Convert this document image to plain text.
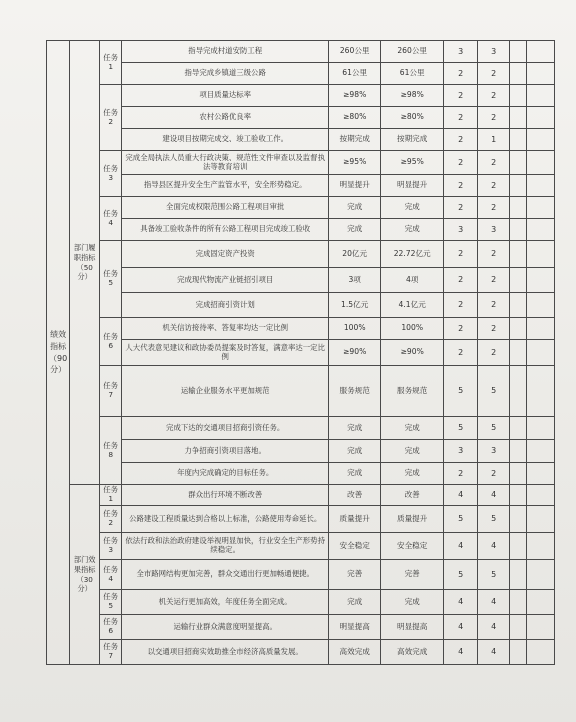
绩效指标（90分）	部门履职指标（50分）	任务1	指导完成村道安防工程	260公里	260公里	3	3		
			指导完成乡镇道三级公路	61公里	61公里	2	2		
		任务2	项目质量达标率	≥98%	≥98%	2	2		
			农村公路优良率	≥80%	≥80%	2	2		
			建设项目按期完成交、竣工验收工作。	按期完成	按期完成	2	1		
		任务3	完成全局执法人员重大行政决策、规范性文件审查以及监督执法等教育培训	≥95%	≥95%	2	2		
			指导县区提升安全生产监管水平，安全形势稳定。	明显提升	明显提升	2	2		
		任务4	全面完成权限范围公路工程项目审批	完成	完成	2	2		
			具备竣工验收条件的所有公路工程项目完成竣工验收	完成	完成	3	3		
		任务5	完成固定资产投资	20亿元	22.72亿元	2	2		
			完成现代物流产业链招引项目	3项	4项	2	2		
			完成招商引资计划	1.5亿元	4.1亿元	2	2		
		任务6	机关信访接待率、答复率均达一定比例	100%	100%	2	2		
			人大代表意见建议和政协委员提案及时答复，满意率达一定比例	≥90%	≥90%	2	2		
		任务7	运输企业服务水平更加规范	服务规范	服务规范	5	5		
		任务8	完成下达的交通项目招商引资任务。	完成	完成	5	5		
			力争招商引资项目落地。	完成	完成	3	3		
			年度内完成确定的目标任务。	完成	完成	2	2		
	部门效果指标（30分）	任务1	群众出行环境不断改善	改善	改善	4	4		
		任务2	公路建设工程质量达到合格以上标准，公路使用寿命延长。	质量提升	质量提升	5	5		
		任务3	依法行政和法治政府建设举视明显加快，行业安全生产形势持续稳定。	安全稳定	安全稳定	4	4		
		任务4	全市路网结构更加完善，群众交通出行更加畅通便捷。	完善	完善	5	5		
		任务5	机关运行更加高效，年度任务全面完成。	完成	完成	4	4		
		任务6	运输行业群众满意度明显提高。	明显提高	明显提高	4	4		
		任务7	以交通项目招商实效助推全市经济高质量发展。	高效完成	高效完成	4	4		
